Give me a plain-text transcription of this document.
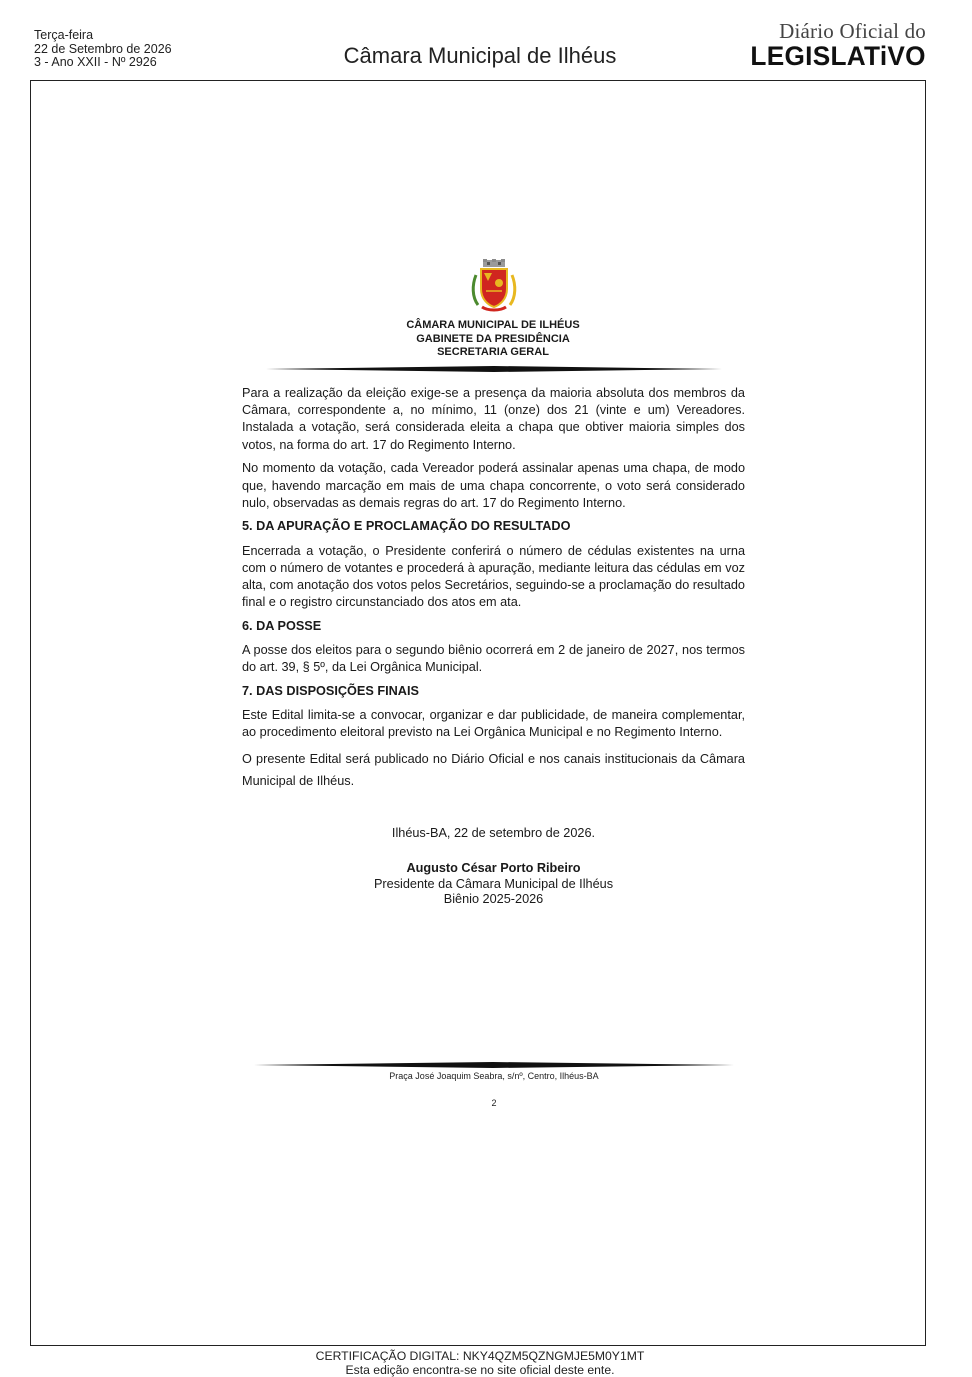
Terça-feira
22 de Setembro de 2026
3 - Ano XXII - Nº 2926	Câmara Municipal de Ilhéus
Diário Oficial do
LEGISLATiVO
CÂMARA MUNICIPAL DE ILHÉUS
GABINETE DA PRESIDÊNCIA
SECRETARIA GERAL

Para a realização da eleição exige-se a presença da maioria absoluta dos membros da Câmara, correspondente a, no mínimo, 11 (onze) dos 21 (vinte e um) Vereadores. Instalada a votação, será considerada eleita a chapa que obtiver maioria simples dos votos, na forma do art. 17 do Regimento Interno.

No momento da votação, cada Vereador poderá assinalar apenas uma chapa, de modo que, havendo marcação em mais de uma chapa concorrente, o voto será considerado nulo, observadas as demais regras do art. 17 do Regimento Interno.

5. DA APURAÇÃO E PROCLAMAÇÃO DO RESULTADO

Encerrada a votação, o Presidente conferirá o número de cédulas existentes na urna com o número de votantes e procederá à apuração, mediante leitura das cédulas em voz alta, com anotação dos votos pelos Secretários, seguindo-se a proclamação do resultado final e o registro circunstanciado dos atos em ata.

6. DA POSSE

A posse dos eleitos para o segundo biênio ocorrerá em 2 de janeiro de 2027, nos termos do art. 39, § 5º, da Lei Orgânica Municipal.

7. DAS DISPOSIÇÕES FINAIS

Este Edital limita-se a convocar, organizar e dar publicidade, de maneira complementar, ao procedimento eleitoral previsto na Lei Orgânica Municipal e no Regimento Interno.

O presente Edital será publicado no Diário Oficial e nos canais institucionais da Câmara Municipal de Ilhéus.

Ilhéus-BA, 22 de setembro de 2026.
Augusto César Porto Ribeiro
Presidente da Câmara Municipal de Ilhéus
Biênio 2025-2026
Praça José Joaquim Seabra, s/nº, Centro, Ilhéus-BA
2
CERTIFICAÇÃO DIGITAL: NKY4QZM5QZNGMJE5M0Y1MT
Esta edição encontra-se no site oficial deste ente.
